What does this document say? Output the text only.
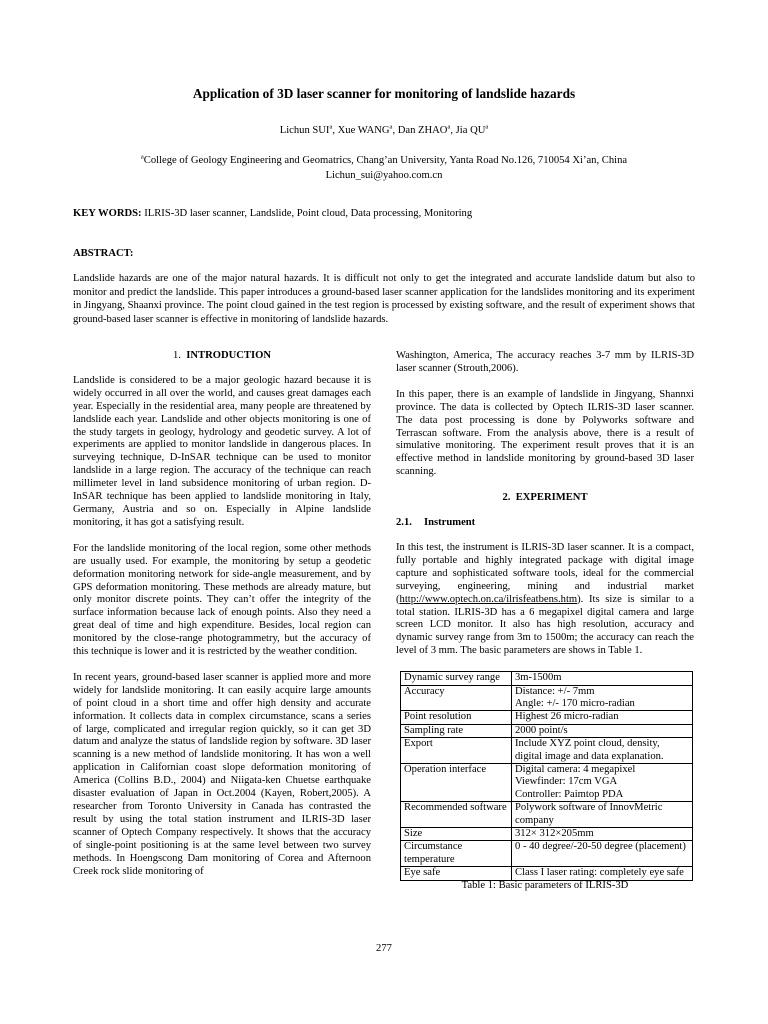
Application of 3D laser scanner for monitoring of landslide hazards
Lichun SUI$^a$, Xue WANG$^a$, Dan ZHAO$^a$, Jia $QU^a$
$^a$College of Geology Engineering and Geomatrics, Chang’an University, Yanta Road No.126, 710054 Xi’an, China
Lichun_sui@yahoo.com.cn
KEY WORDS: ILRIS-3D laser scanner, Landslide, Point cloud, Data processing, Monitoring
ABSTRACT:

Landslide hazards are one of the major natural hazards. It is difficult not only to get the integrated and accurate landslide datum but also to monitor and predict the landslide. This paper introduces a ground-based laser scanner application for the landslides monitoring and its experiment in Jingyang, Shaanxi province. The point cloud gained in the test region is processed by existing software, and the result of experiment shows that ground-based laser scanner is effective in monitoring of landslide hazards.

1. INTRODUCTION

Landslide is considered to be a major geologic hazard because it is widely occurred in all over the world, and causes great damages each year. Especially in the residential area, many people are threatened by landslide each year. Landslide and other objects monitoring is one of the study targets in geology, hydrology and geodetic survey. A lot of experiments are applied to monitor landslide in dangerous places. In surveying technique, D-InSAR technique can be used to monitor landslide in a large region. The accuracy of the technique can reach millimeter level in land subsidence monitoring of urban region. D-InSAR technique has been applied to landslide monitoring in Italy, Germany, Austria and so on. Especially in Alpine landslide monitoring, it has got a satisfying result.

For the landslide monitoring of the local region, some other methods are usually used. For example, the monitoring by setup a geodetic deformation monitoring network for side-angle measurement, and by GPS deformation monitoring. These methods are already mature, but only monitor discrete points. They can’t offer the integrity of the surface information because lack of enough points. Also they need a great deal of time and high expenditure. Besides, local region can monitored by the close-range photogrammetry, but the accuracy of this technique is lower and it is restricted by the weather condition.

In recent years, ground-based laser scanner is applied more and more widely for landslide monitoring. It can easily acquire large amounts of point cloud in a short time and offer high density and accurate information. It collects data in complex circumstance, scans a series of large, complicated and irregular region quickly, so it can get 3D datum and analyze the status of landslide region by software. 3D laser scanning is a new method of landslide monitoring. It has won a well application in Californian coast slope deformation monitoring of America (Collins B.D., 2004) and Niigata-ken Chuetse earthquake disaster evaluation of Japan in Oct.2004 (Kayen, Robert,2005). A researcher from Toronto University in Canada has contrasted the result by using the total station instrument and ILRIS-3D laser scanner of Optech Company respectively. It shows that the accuracy of single-point positioning is at the same level between two survey methods. In Hoengscong Dam monitoring of Corea and Afternoon Creek rock slide monitoring of

Washington, America, The accuracy reaches 3-7 mm by ILRIS-3D laser scanner (Strouth,2006).

In this paper, there is an example of landslide in Jingyang, Shannxi province. The data is collected by Optech ILRIS-3D laser scanner. The data post processing is done by Polyworks software and Terrascan software. From the analysis above, there is a result of simulative monitoring. The experiment result proves that it is an effective method in landslide monitoring by ground-based 3D laser scanning.

2. EXPERIMENT
2.1. Instrument

In this test, the instrument is ILRIS-3D laser scanner. It is a compact, fully portable and highly integrated package with digital image capture and sophisticated software tools, ideal for the commercial surveying, engineering, mining and industrial market (http://www.optech.on.ca/ilrisfeatbens.htm). Its size is similar to a total station. ILRIS-3D has a 6 megapixel digital camera and large screen LCD monitor. It also has high resolution, accuracy and dynamic survey range from 3m to 1500m; the accuracy can reach the level of 3 mm. The basic parameters are shows in Table 1.

Dynamic survey range	3m-1500m
Accuracy	Distance: +/- 7mm
Angle: +/- 170 micro-radian
Point resolution	Highest 26 micro-radian
Sampling rate	2000 point/s
Export	Include XYZ point cloud, density, digital image and data explanation.
Operation interface	Digital camera: 4 megapixel
Viewfinder: 17cm VGA
Controller: Paimtop PDA
Recommended software	Polywork software of InnovMetric company
Size	312× 312×205mm
Circumstance temperature	0 - 40 degree/-20-50 degree (placement)
Eye safe	Class I laser rating: completely eye safe
Table 1: Basic parameters of ILRIS-3D
277
